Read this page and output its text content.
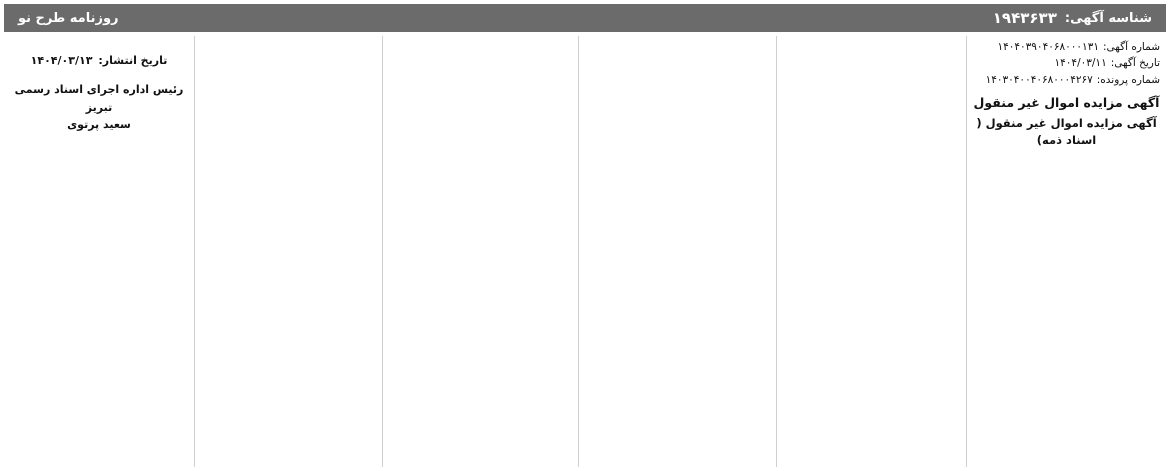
شناسه آگهی:
۱۹۴۳۶۳۳
روزنامه طرح نو
شماره آگهی:
۱۴۰۴۰۳۹۰۴۰۶۸۰۰۰۱۳۱
تاریخ آگهی:
۱۴۰۴/۰۳/۱۱
شماره پرونده:
۱۴۰۳۰۴۰۰۴۰۶۸۰۰۰۴۲۶۷
آگهی مزایده اموال غیر منقول
آگهی مزایده اموال غیر منقول ( اسناد ذمه)
تاریخ انتشار:
۱۴۰۴/۰۳/۱۳
رئیس اداره اجرای اسناد رسمی تبریز
سعید پرتوی
